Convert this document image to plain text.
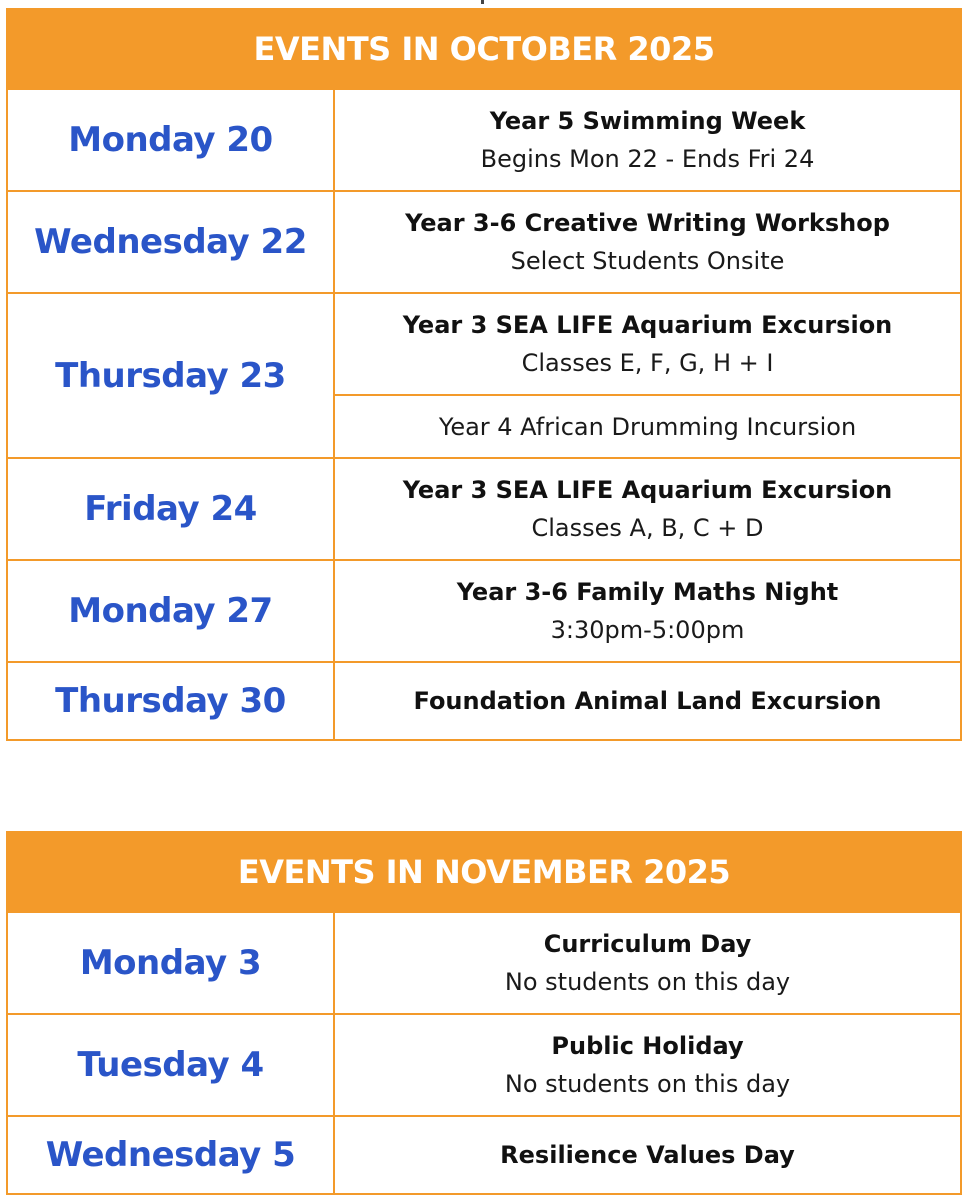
EVENTS IN OCTOBER 2025	
Monday 20	Year 5 Swimming Week
Begins Mon 22 - Ends Fri 24

Wednesday 22	Year 3-6 Creative Writing Workshop
Select Students Onsite

Thursday 23	Year 3 SEA LIFE Aquarium Excursion
Classes E, F, G, H + I

	Year 4 African Drumming Incursion

Friday 24	Year 3 SEA LIFE Aquarium Excursion
Classes A, B, C + D

Monday 27	Year 3-6 Family Maths Night
3:30pm-5:00pm

Thursday 30	Foundation Animal Land Excursion
EVENTS IN NOVEMBER 2025	
Monday 3	Curriculum Day
No students on this day

Tuesday 4	Public Holiday
No students on this day

Wednesday 5	Resilience Values Day
